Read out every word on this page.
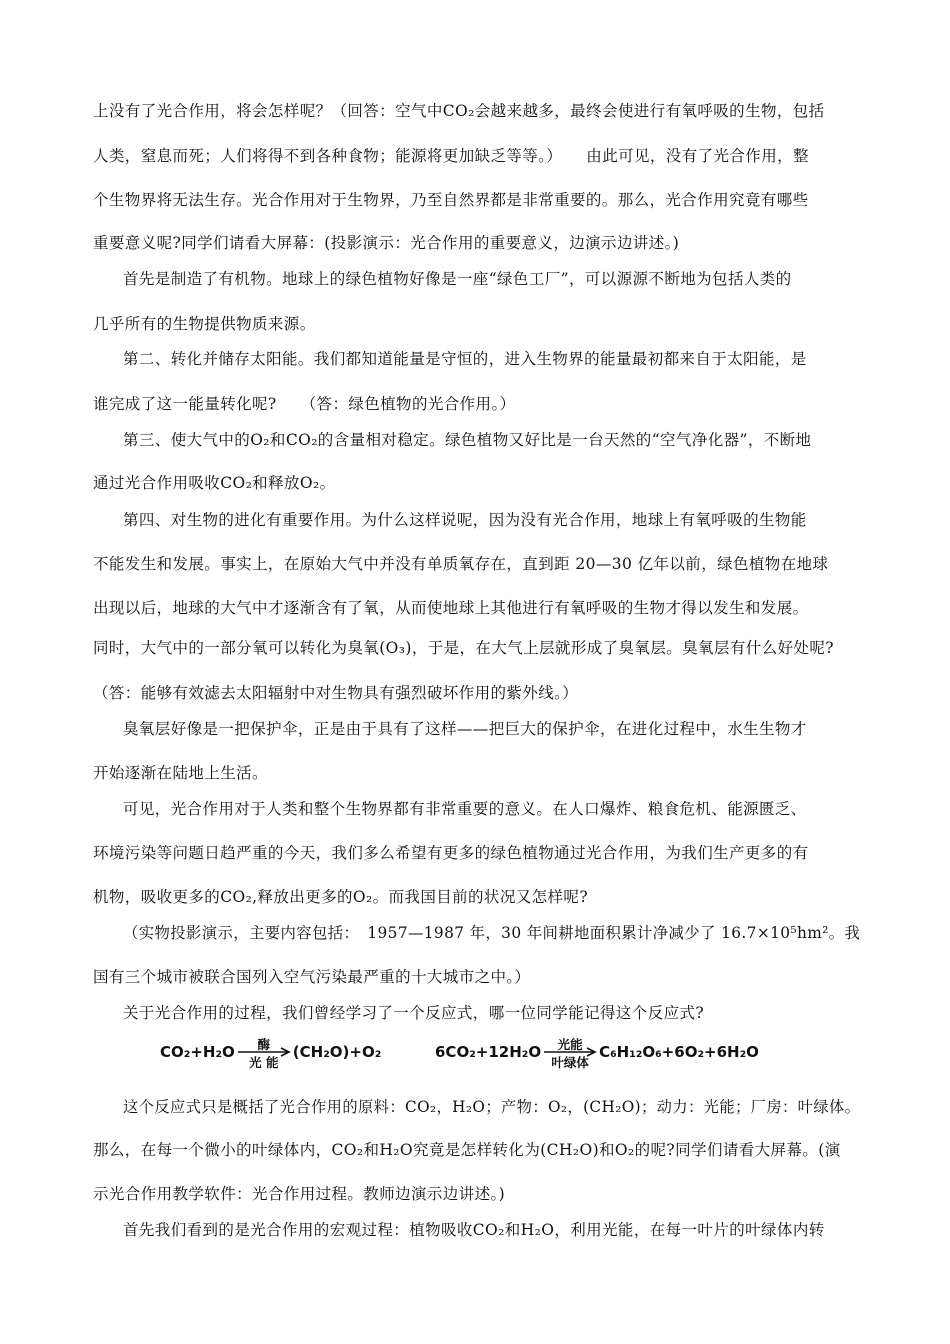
上没有了光合作用，将会怎样呢？（回答：空气中CO₂会越来越多，最终会使进行有氧呼吸的生物，包括
人类，窒息而死；人们将得不到各种食物；能源将更加缺乏等等。）　　由此可见，没有了光合作用，整
个生物界将无法生存。光合作用对于生物界，乃至自然界都是非常重要的。那么，光合作用究竟有哪些
重要意义呢?同学们请看大屏幕：(投影演示：光合作用的重要意义，边演示边讲述。)
首先是制造了有机物。地球上的绿色植物好像是一座“绿色工厂”，可以源源不断地为包括人类的
几乎所有的生物提供物质来源。
第二、转化并储存太阳能。我们都知道能量是守恒的，进入生物界的能量最初都来自于太阳能，是
谁完成了这一能量转化呢?　　（答：绿色植物的光合作用。）
第三、使大气中的O₂和CO₂的含量相对稳定。绿色植物又好比是一台天然的“空气净化器”，不断地
通过光合作用吸收CO₂和释放O₂。
第四、对生物的进化有重要作用。为什么这样说呢，因为没有光合作用，地球上有氧呼吸的生物能
不能发生和发展。事实上，在原始大气中并没有单质氧存在，直到距 20—30 亿年以前，绿色植物在地球
出现以后，地球的大气中才逐渐含有了氧，从而使地球上其他进行有氧呼吸的生物才得以发生和发展。
同时，大气中的一部分氧可以转化为臭氧(O₃)，于是，在大气上层就形成了臭氧层。臭氧层有什么好处呢?
（答：能够有效滤去太阳辐射中对生物具有强烈破坏作用的紫外线。）
臭氧层好像是一把保护伞，正是由于具有了这样——把巨大的保护伞，在进化过程中，水生生物才
开始逐渐在陆地上生活。
可见，光合作用对于人类和整个生物界都有非常重要的意义。在人口爆炸、粮食危机、能源匮乏、
环境污染等问题日趋严重的今天，我们多么希望有更多的绿色植物通过光合作用，为我们生产更多的有
机物，吸收更多的CO₂,释放出更多的O₂。而我国目前的状况又怎样呢?
（实物投影演示，主要内容包括：　1957—1987 年，30 年间耕地面积累计净减少了 16.7×10⁵hm²。我
国有三个城市被联合国列入空气污染最严重的十大城市之中。）
关于光合作用的过程，我们曾经学习了一个反应式，哪一位同学能记得这个反应式?
CO₂+H₂O	酶
光 能
(CH₂O)+O₂	6CO₂+12H₂O	光能
叶绿体
C₆H₁₂O₆+6O₂+6H₂O
这个反应式只是概括了光合作用的原料：CO₂，H₂O；产物：O₂，(CH₂O)；动力：光能；厂房：叶绿体。
那么，在每一个微小的叶绿体内，CO₂和H₂O究竟是怎样转化为(CH₂O)和O₂的呢?同学们请看大屏幕。(演
示光合作用教学软件：光合作用过程。教师边演示边讲述。)
首先我们看到的是光合作用的宏观过程：植物吸收CO₂和H₂O，利用光能，在每一叶片的叶绿体内转
